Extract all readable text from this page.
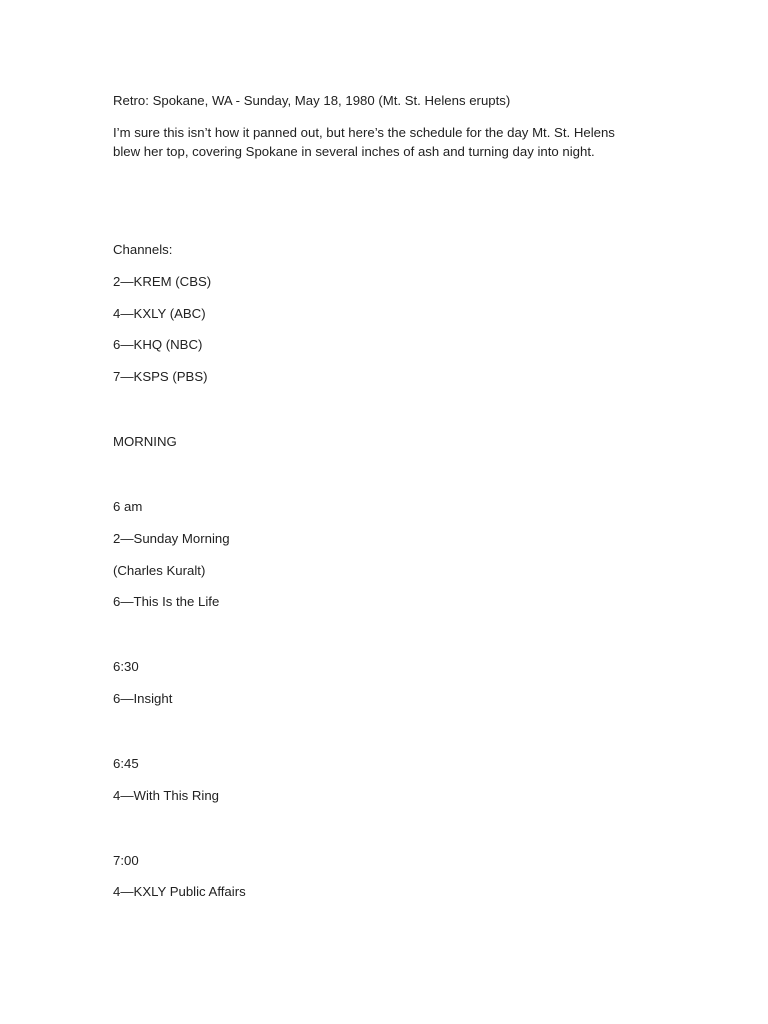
Retro: Spokane, WA - Sunday, May 18, 1980 (Mt. St. Helens erupts)
I’m sure this isn’t how it panned out, but here’s the schedule for the day Mt. St. Helens
blew her top, covering Spokane in several inches of ash and turning day into night.
Channels:
2—KREM (CBS)
4—KXLY (ABC)
6—KHQ (NBC)
7—KSPS (PBS)
MORNING
6 am
2—Sunday Morning
(Charles Kuralt)
6—This Is the Life
6:30
6—Insight
6:45
4—With This Ring
7:00
4—KXLY Public Affairs
